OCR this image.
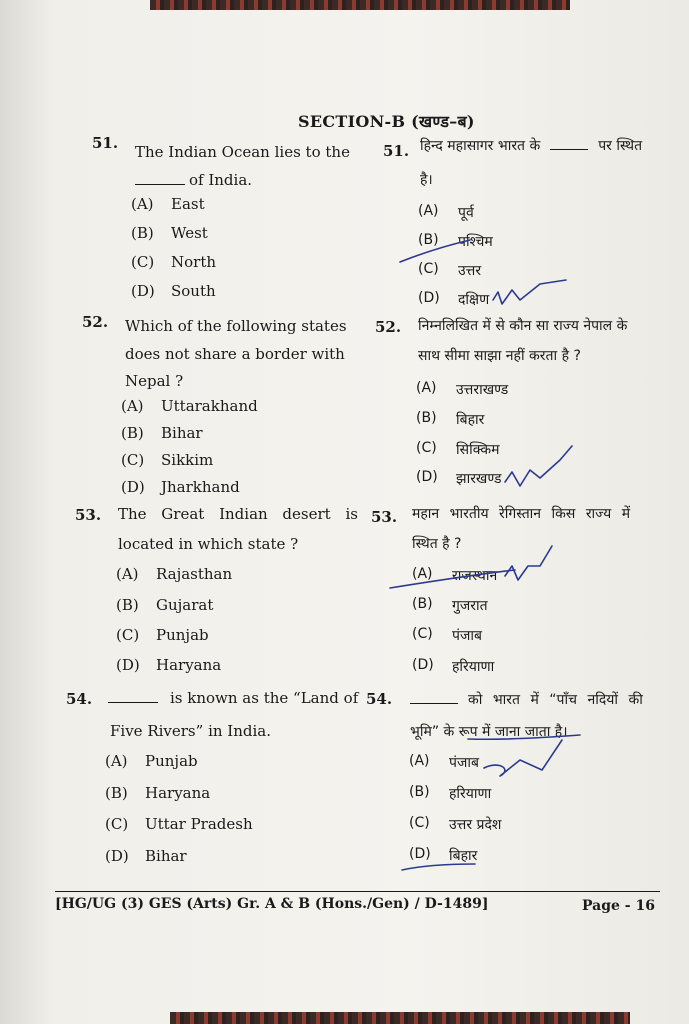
SECTION-B (खण्ड–ब)
51. The Indian Ocean lies to the
of India.
(A)	East
(B)	West
(C)	North
(D) South
51. हिन्द महासागर भारत के	पर स्थित
है।
(A)	पूर्व
(B)	पश्चिम
(C)	उत्तर
(D)	दक्षिण
52. Which of the following states
does not share a border with
Nepal ?
(A)	Uttarakhand
(B)	Bihar
(C)	Sikkim
(D) Jharkhand
52. निम्नलिखित में से कौन सा राज्य नेपाल के
साथ सीमा साझा नहीं करता है ?
(A)	उत्तराखण्ड
(B)	बिहार
(C)	सिक्किम
(D)	झारखण्ड
53. The Great Indian desert is
located in which state ?
(A)	Rajasthan
(B)	Gujarat
(C)	Punjab
(D) Haryana
53. महान भारतीय रेगिस्तान किस राज्य में
स्थित है ?
(A)	राजस्थान
(B)	गुजरात
(C)	पंजाब
(D)	हरियाणा
54.	is known as the “Land of
Five Rivers” in India.
(A)	Punjab
(B)	Haryana
(C)	Uttar Pradesh
(D) Bihar
54.	को भारत में “पाँच नदियों की
भूमि” के रूप में जाना जाता है।
(A)	पंजाब
(B)	हरियाणा
(C)	उत्तर प्रदेश
(D)	बिहार
[HG/UG (3) GES (Arts) Gr. A & B (Hons./Gen) / D-1489]	Page - 16
